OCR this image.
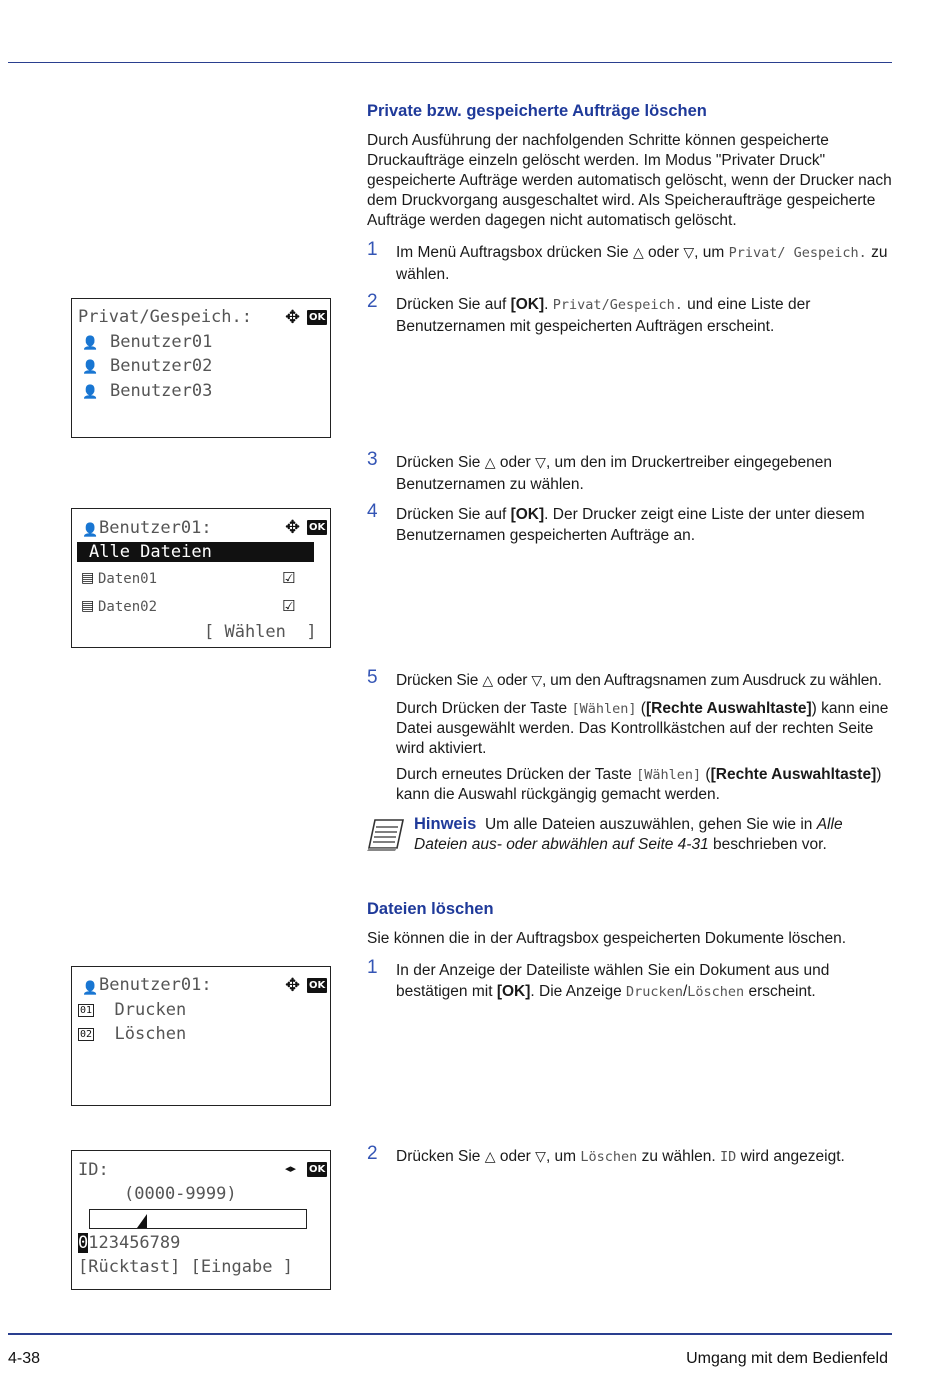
Private bzw. gespeicherte Aufträge löschen
Durch Ausführung der nachfolgenden Schritte können gespeicherte Druckaufträge einzeln gelöscht werden. Im Modus "Privater Druck" gespeicherte Aufträge werden automatisch gelöscht, wenn der Drucker nach dem Druckvorgang ausgeschaltet wird. Als Speicheraufträge gespeicherte Aufträge werden dagegen nicht automatisch gelöscht.
1 Im Menü Auftragsbox drücken Sie △ oder ▽, um Privat/ Gespeich. zu wählen.
2 Drücken Sie auf [OK]. Privat/Gespeich. und eine Liste der Benutzernamen mit gespeicherten Aufträgen erscheint.
3 Drücken Sie △ oder ▽, um den im Druckertreiber eingegebenen Benutzernamen zu wählen.
4 Drücken Sie auf [OK]. Der Drucker zeigt eine Liste der unter diesem Benutzernamen gespeicherten Aufträge an.
5 Drücken Sie △ oder ▽, um den Auftragsnamen zum Ausdruck zu wählen.
Durch Drücken der Taste [Wählen] ([Rechte Auswahltaste]) kann eine Datei ausgewählt werden. Das Kontrollkästchen auf der rechten Seite wird aktiviert.
Durch erneutes Drücken der Taste [Wählen] ([Rechte Auswahltaste]) kann die Auswahl rückgängig gemacht werden.
Hinweis Um alle Dateien auszuwählen, gehen Sie wie in Alle Dateien aus- oder abwählen auf Seite 4-31 beschrieben vor.
Dateien löschen
Sie können die in der Auftragsbox gespeicherten Dokumente löschen.
1 In der Anzeige der Dateiliste wählen Sie ein Dokument aus und bestätigen mit [OK]. Die Anzeige Drucken/Löschen erscheint.
2 Drücken Sie △ oder ▽, um Löschen zu wählen. ID wird angezeigt.
Privat/Gespeich.: ✥ OK
👤 Benutzer01
👤 Benutzer02
👤 Benutzer03
👤 Benutzer01:	✥ OK
Alle Dateien
▤ Daten01	☑
▤ Daten02	☑
[ Wählen  ]
👤 Benutzer01:	✥ OK
01 Drucken
02 Löschen
ID:	◂▸ OK
(0000-9999)
0123456789
[Rücktast] [Eingabe ]
4-38	Umgang mit dem Bedienfeld
